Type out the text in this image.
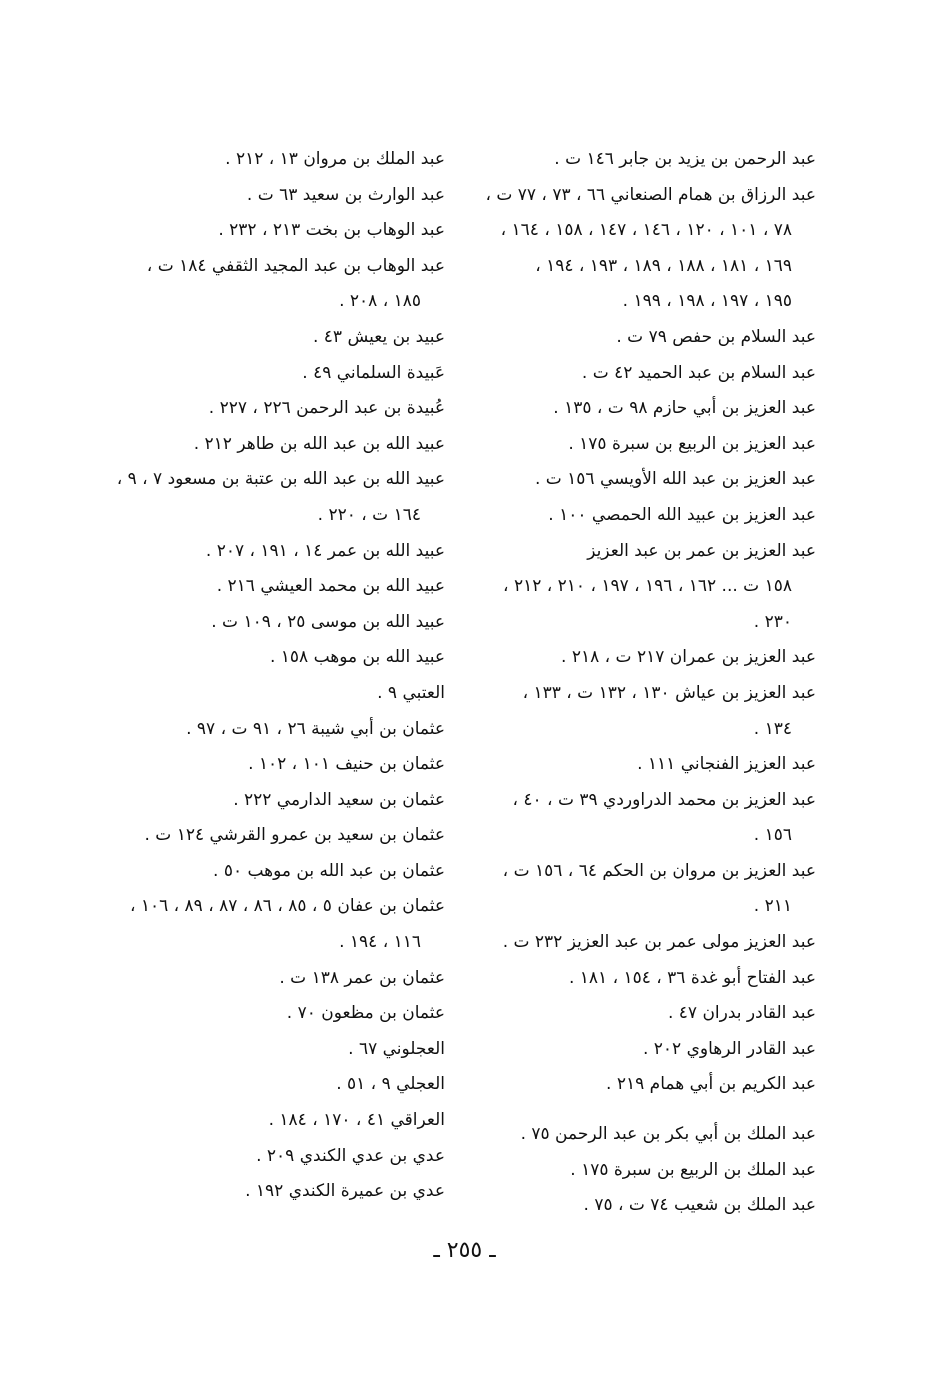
عبد الرحمن بن يزيد بن جابر ١٤٦ ت .
عبد الرزاق بن همام الصنعاني ٦٦ ، ٧٣ ، ٧٧ ت ،
٧٨ ، ١٠١ ، ١٢٠ ، ١٤٦ ، ١٤٧ ، ١٥٨ ، ١٦٤ ،
١٦٩ ، ١٨١ ، ١٨٨ ، ١٨٩ ، ١٩٣ ، ١٩٤ ،
١٩٥ ، ١٩٧ ، ١٩٨ ، ١٩٩ .
عبد السلام بن حفص ٧٩ ت .
عبد السلام بن عبد الحميد ٤٢ ت .
عبد العزيز بن أبي حازم ٩٨ ت ، ١٣٥ .
عبد العزيز بن الربيع بن سبرة ١٧٥ .
عبد العزيز بن عبد الله الأويسي ١٥٦ ت .
عبد العزيز بن عبيد الله الحمصي ١٠٠ .
عبد العزيز بن عمر بن عبد العزيز
١٥٨ ت ... ١٦٢ ، ١٩٦ ، ١٩٧ ، ٢١٠ ، ٢١٢ ،
٢٣٠ .
عبد العزيز بن عمران ٢١٧ ت ، ٢١٨ .
عبد العزيز بن عياش ١٣٠ ، ١٣٢ ت ، ١٣٣ ،
١٣٤ .
عبد العزيز الفنجاني ١١١ .
عبد العزيز بن محمد الدراوردي ٣٩ ت ، ٤٠ ،
١٥٦ .
عبد العزيز بن مروان بن الحكم ٦٤ ، ١٥٦ ت ،
٢١١ .
عبد العزيز مولى عمر بن عبد العزيز ٢٣٢ ت .
عبد الفتاح أبو غدة ٣٦ ، ١٥٤ ، ١٨١ .
عبد القادر بدران ٤٧ .
عبد القادر الرهاوي ٢٠٢ .
عبد الكريم بن أبي همام ٢١٩ .
عبد الملك بن أبي بكر بن عبد الرحمن ٧٥ .
عبد الملك بن الربيع بن سبرة ١٧٥ .
عبد الملك بن شعيب ٧٤ ت ، ٧٥ .
عبد الملك بن مروان ١٣ ، ٢١٢ .
عبد الوارث بن سعيد ٦٣ ت .
عبد الوهاب بن بخت ٢١٣ ، ٢٣٢ .
عبد الوهاب بن عبد المجيد الثقفي ١٨٤ ت ،
١٨٥ ، ٢٠٨ .
عبيد بن يعيش ٤٣ .
عَبيدة السلماني ٤٩ .
عُبيدة بن عبد الرحمن ٢٢٦ ، ٢٢٧ .
عبيد الله بن عبد الله بن طاهر ٢١٢ .
عبيد الله بن عبد الله بن عتبة بن مسعود ٧ ، ٩ ،
١٦٤ ت ، ٢٢٠ .
عبيد الله بن عمر ١٤ ، ١٩١ ، ٢٠٧ .
عبيد الله بن محمد العيشي ٢١٦ .
عبيد الله بن موسى ٢٥ ، ١٠٩ ت .
عبيد الله بن موهب ١٥٨ .
العتبي ٩ .
عثمان بن أبي شيبة ٢٦ ، ٩١ ت ، ٩٧ .
عثمان بن حنيف ١٠١ ، ١٠٢ .
عثمان بن سعيد الدارمي ٢٢٢ .
عثمان بن سعيد بن عمرو القرشي ١٢٤ ت .
عثمان بن عبد الله بن موهب ٥٠ .
عثمان بن عفان ٥ ، ٨٥ ، ٨٦ ، ٨٧ ، ٨٩ ، ١٠٦ ،
١١٦ ، ١٩٤ .
عثمان بن عمر ١٣٨ ت .
عثمان بن مظعون ٧٠ .
العجلوني ٦٧ .
العجلي ٩ ، ٥١ .
العراقي ٤١ ، ١٧٠ ، ١٨٤ .
عدي بن عدي الكندي ٢٠٩ .
عدي بن عميرة الكندي ١٩٢ .
ـ ٢٥٥ ـ
